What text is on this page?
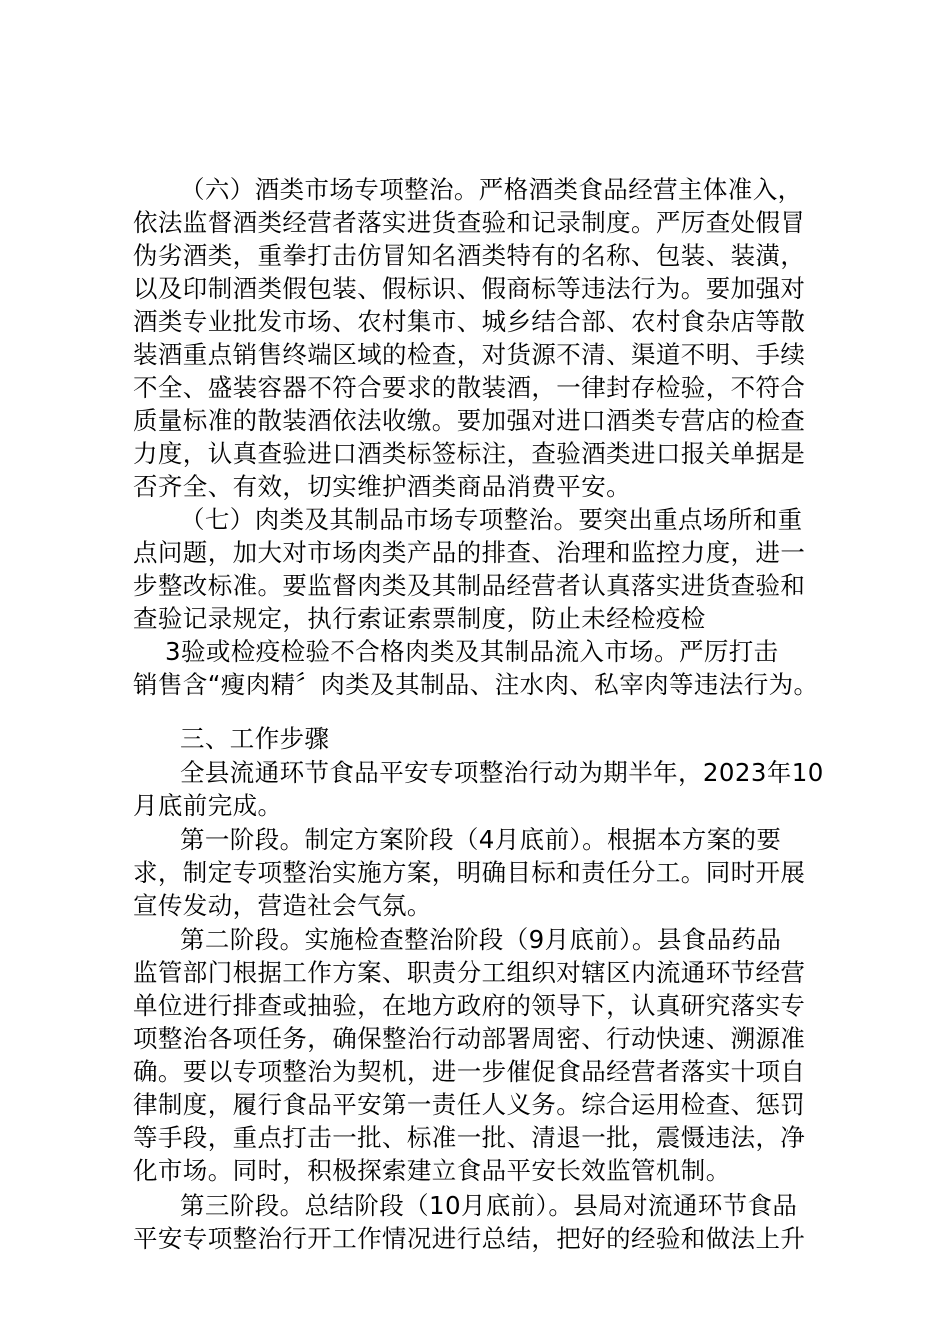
（六）酒类市场专项整治。严格酒类食品经营主体准入，

依法监督酒类经营者落实进货查验和记录制度。严厉查处假冒

伪劣酒类，重拳打击仿冒知名酒类特有的名称、包装、装潢，

以及印制酒类假包装、假标识、假商标等违法行为。要加强对

酒类专业批发市场、农村集市、城乡结合部、农村食杂店等散

装酒重点销售终端区域的检查，对货源不清、渠道不明、手续

不全、盛装容器不符合要求的散装酒，一律封存检验，不符合

质量标准的散装酒依法收缴。要加强对进口酒类专营店的检查

力度，认真查验进口酒类标签标注，查验酒类进口报关单据是

否齐全、有效，切实维护酒类商品消费平安。

（七）肉类及其制品市场专项整治。要突出重点场所和重

点问题，加大对市场肉类产品的排查、治理和监控力度，进一

步整改标准。要监督肉类及其制品经营者认真落实进货查验和

查验记录规定，执行索证索票制度，防止未经检疫检

3验或检疫检验不合格肉类及其制品流入市场。严厉打击

销售含“瘦肉精〞肉类及其制品、注水肉、私宰肉等违法行为。

三、工作步骤

全县流通环节食品平安专项整治行动为期半年，2023年10

月底前完成。

第一阶段。制定方案阶段（4月底前）。根据本方案的要

求，制定专项整治实施方案，明确目标和责任分工。同时开展

宣传发动，营造社会气氛。

第二阶段。实施检查整治阶段（9月底前）。县食品药品

监管部门根据工作方案、职责分工组织对辖区内流通环节经营

单位进行排查或抽验，在地方政府的领导下，认真研究落实专

项整治各项任务，确保整治行动部署周密、行动快速、溯源准

确。要以专项整治为契机，进一步催促食品经营者落实十项自

律制度，履行食品平安第一责任人义务。综合运用检查、惩罚

等手段，重点打击一批、标准一批、清退一批，震慑违法，净

化市场。同时，积极探索建立食品平安长效监管机制。

第三阶段。总结阶段（10月底前）。县局对流通环节食品

平安专项整治行开工作情况进行总结，把好的经验和做法上升
